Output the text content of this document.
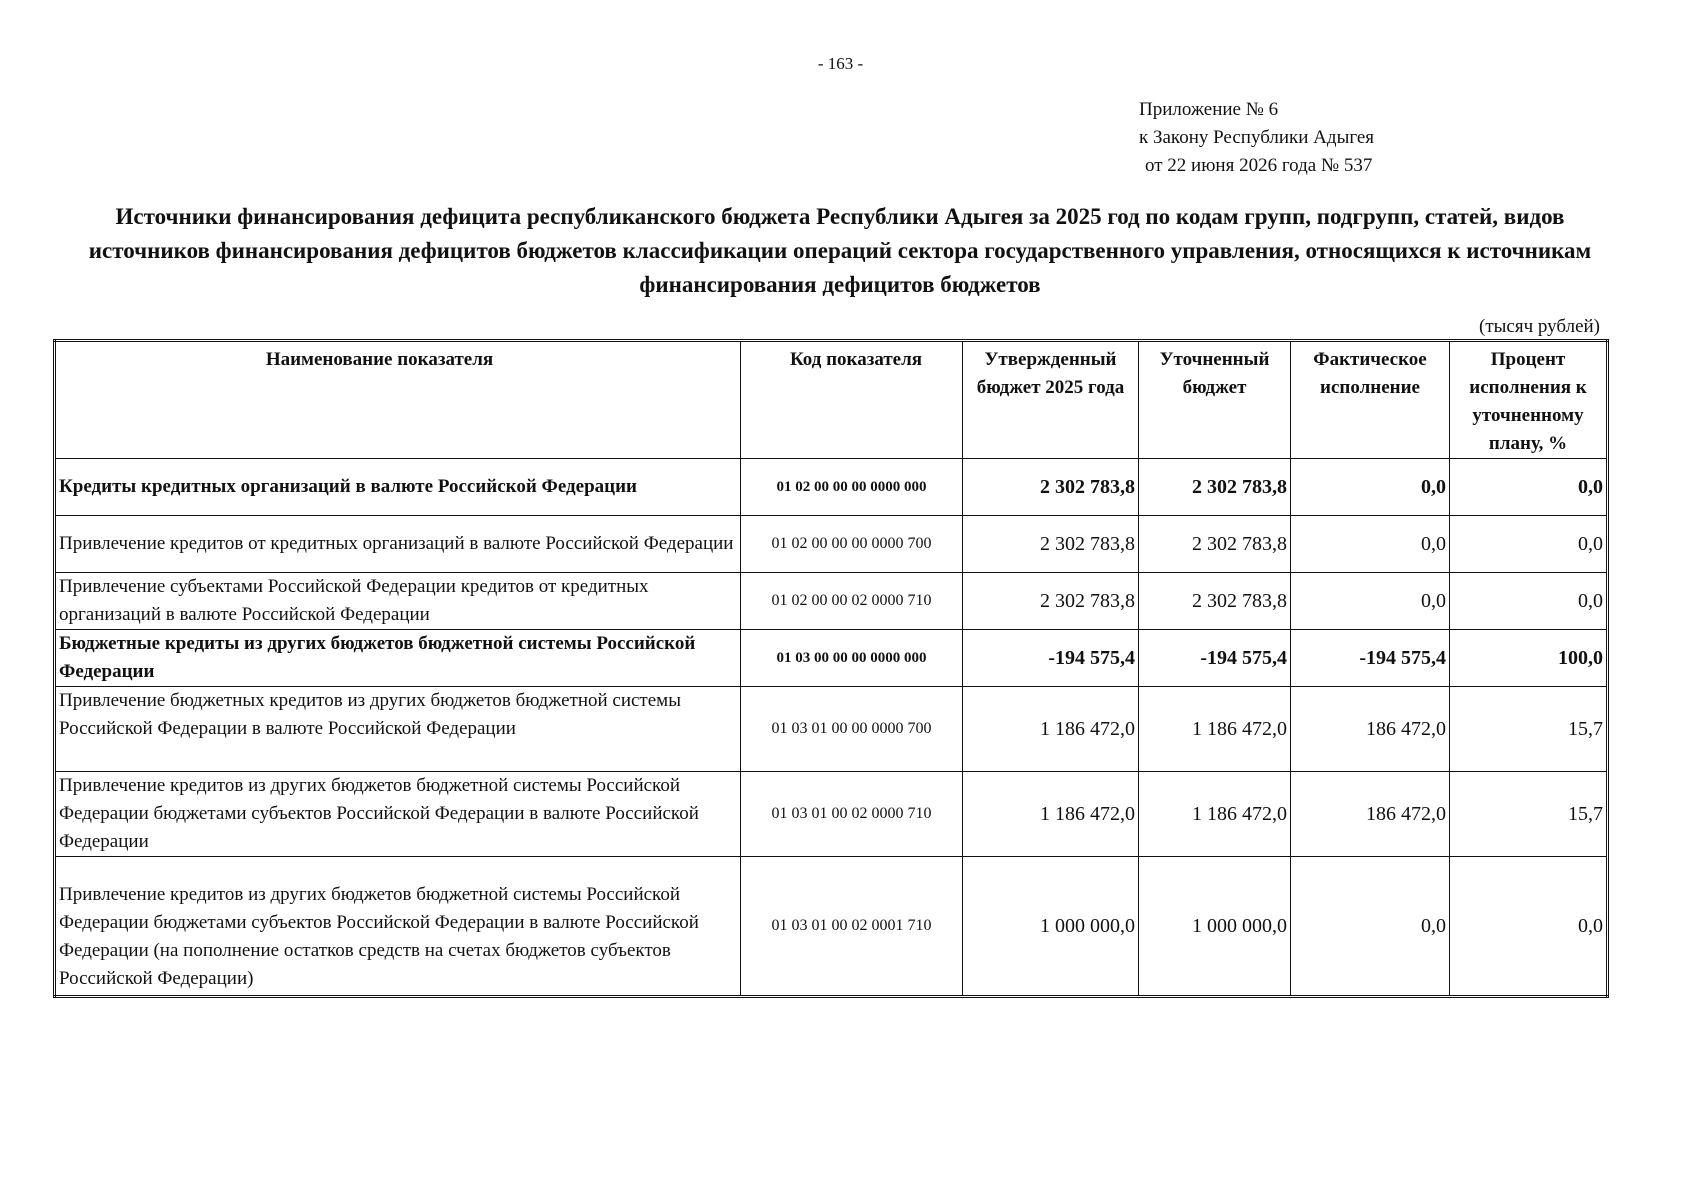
- 163 -
Приложение № 6
к Закону Республики Адыгея
от 22 июня 2026 года № 537
Источники финансирования дефицита республиканского бюджета Республики Адыгея за 2025 год по кодам групп, подгрупп, статей, видов источников финансирования дефицитов бюджетов классификации операций сектора государственного управления, относящихся к источникам финансирования дефицитов бюджетов
(тысяч рублей)
Наименование показателя	Код показателя	Утвержденный бюджет 2025 года	Уточненный бюджет	Фактическое исполнение	Процент исполнения к уточненному плану, %
Кредиты кредитных организаций в валюте Российской Федерации	01 02 00 00 00 0000 000	2 302 783,8	2 302 783,8	0,0	0,0
Привлечение кредитов от кредитных организаций в валюте Российской Федерации	01 02 00 00 00 0000 700	2 302 783,8	2 302 783,8	0,0	0,0
Привлечение субъектами Российской Федерации кредитов от кредитных организаций в валюте Российской Федерации	01 02 00 00 02 0000 710	2 302 783,8	2 302 783,8	0,0	0,0
Бюджетные кредиты из других бюджетов бюджетной системы Российской Федерации	01 03 00 00 00 0000 000	-194 575,4	-194 575,4	-194 575,4	100,0
Привлечение бюджетных кредитов из других бюджетов бюджетной системы Российской Федерации в валюте Российской Федерации	01 03 01 00 00 0000 700	1 186 472,0	1 186 472,0	186 472,0	15,7
Привлечение кредитов из других бюджетов бюджетной системы Российской Федерации бюджетами субъектов Российской Федерации в валюте Российской Федерации	01 03 01 00 02 0000 710	1 186 472,0	1 186 472,0	186 472,0	15,7
Привлечение кредитов из других бюджетов бюджетной системы Российской Федерации бюджетами субъектов Российской Федерации в валюте Российской Федерации (на пополнение остатков средств на счетах бюджетов субъектов Российской Федерации)	01 03 01 00 02 0001 710	1 000 000,0	1 000 000,0	0,0	0,0
